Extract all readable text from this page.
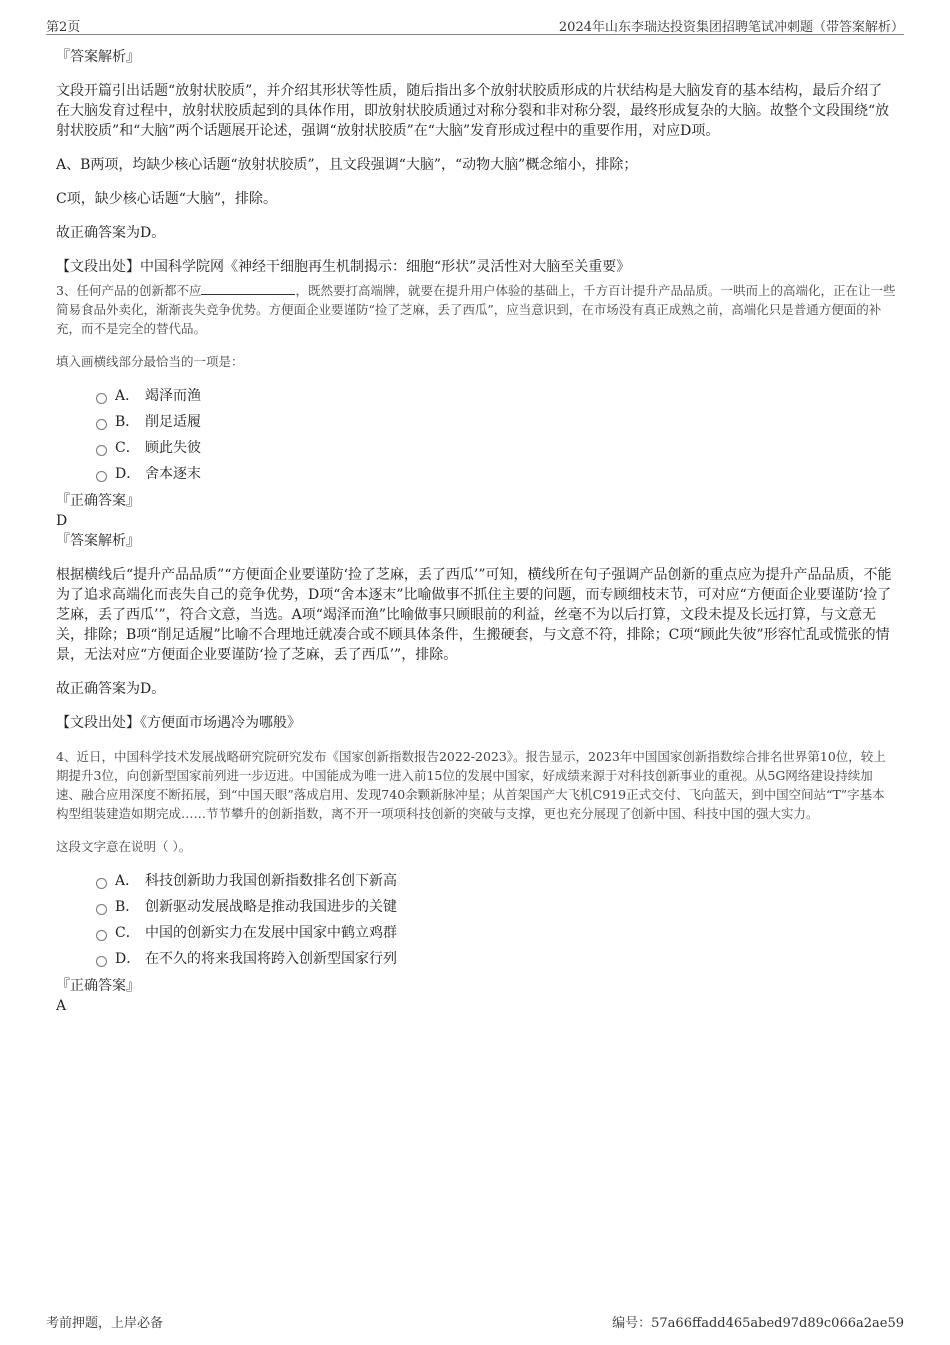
第2页	2024年山东李瑞达投资集团招聘笔试冲刺题（带答案解析）

『答案解析』

文段开篇引出话题“放射状胶质”，并介绍其形状等性质，随后指出多个放射状胶质形成的片状结构是大脑发育的基本结构，最后介绍了在大脑发育过程中，放射状胶质起到的具体作用，即放射状胶质通过对称分裂和非对称分裂，最终形成复杂的大脑。故整个文段围绕“放射状胶质”和“大脑”两个话题展开论述，强调“放射状胶质”在“大脑”发育形成过程中的重要作用，对应D项。

A、B两项，均缺少核心话题“放射状胶质”，且文段强调“大脑”，“动物大脑”概念缩小，排除；

C项，缺少核心话题“大脑”，排除。

故正确答案为D。

【文段出处】中国科学院网《神经干细胞再生机制揭示：细胞“形状”灵活性对大脑至关重要》

3、任何产品的创新都不应	，既然要打高端牌，就要在提升用户体验的基础上，千方百计提升产品品质。一哄而上的高端化，正在让一些简易食品外卖化，渐渐丧失竞争优势。方便面企业要谨防“捡了芝麻，丢了西瓜”，应当意识到，在市场没有真正成熟之前，高端化只是普通方便面的补充，而不是完全的替代品。

填入画横线部分最恰当的一项是：

A． 竭泽而渔
B． 削足适履
C． 顾此失彼
D． 舍本逐末

『正确答案』

D

『答案解析』

根据横线后“提升产品品质”“方便面企业要谨防‘捡了芝麻，丢了西瓜’”可知，横线所在句子强调产品创新的重点应为提升产品品质，不能为了追求高端化而丧失自己的竞争优势，D项“舍本逐末”比喻做事不抓住主要的问题，而专顾细枝末节，可对应“方便面企业要谨防‘捡了芝麻，丢了西瓜’”，符合文意，当选。A项“竭泽而渔”比喻做事只顾眼前的利益，丝毫不为以后打算，文段未提及长远打算，与文意无关，排除；B项“削足适履”比喻不合理地迁就凑合或不顾具体条件，生搬硬套，与文意不符，排除；C项“顾此失彼”形容忙乱或慌张的情景，无法对应“方便面企业要谨防‘捡了芝麻，丢了西瓜’”，排除。

故正确答案为D。

【文段出处】《方便面市场遇冷为哪般》

4、近日，中国科学技术发展战略研究院研究发布《国家创新指数报告2022-2023》。报告显示，2023年中国国家创新指数综合排名世界第10位，较上期提升3位，向创新型国家前列进一步迈进。中国能成为唯一进入前15位的发展中国家，好成绩来源于对科技创新事业的重视。从5G网络建设持续加速、融合应用深度不断拓展，到“中国天眼”落成启用、发现740余颗新脉冲星；从首架国产大飞机C919正式交付、飞向蓝天，到中国空间站“T”字基本构型组装建造如期完成……节节攀升的创新指数，离不开一项项科技创新的突破与支撑，更也充分展现了创新中国、科技中国的强大实力。

这段文字意在说明（ ）。

A． 科技创新助力我国创新指数排名创下新高
B． 创新驱动发展战略是推动我国进步的关键
C． 中国的创新实力在发展中国家中鹤立鸡群
D． 在不久的将来我国将跨入创新型国家行列

『正确答案』

A

考前押题，上岸必备	编号：57a66ffadd465abed97d89c066a2ae59
